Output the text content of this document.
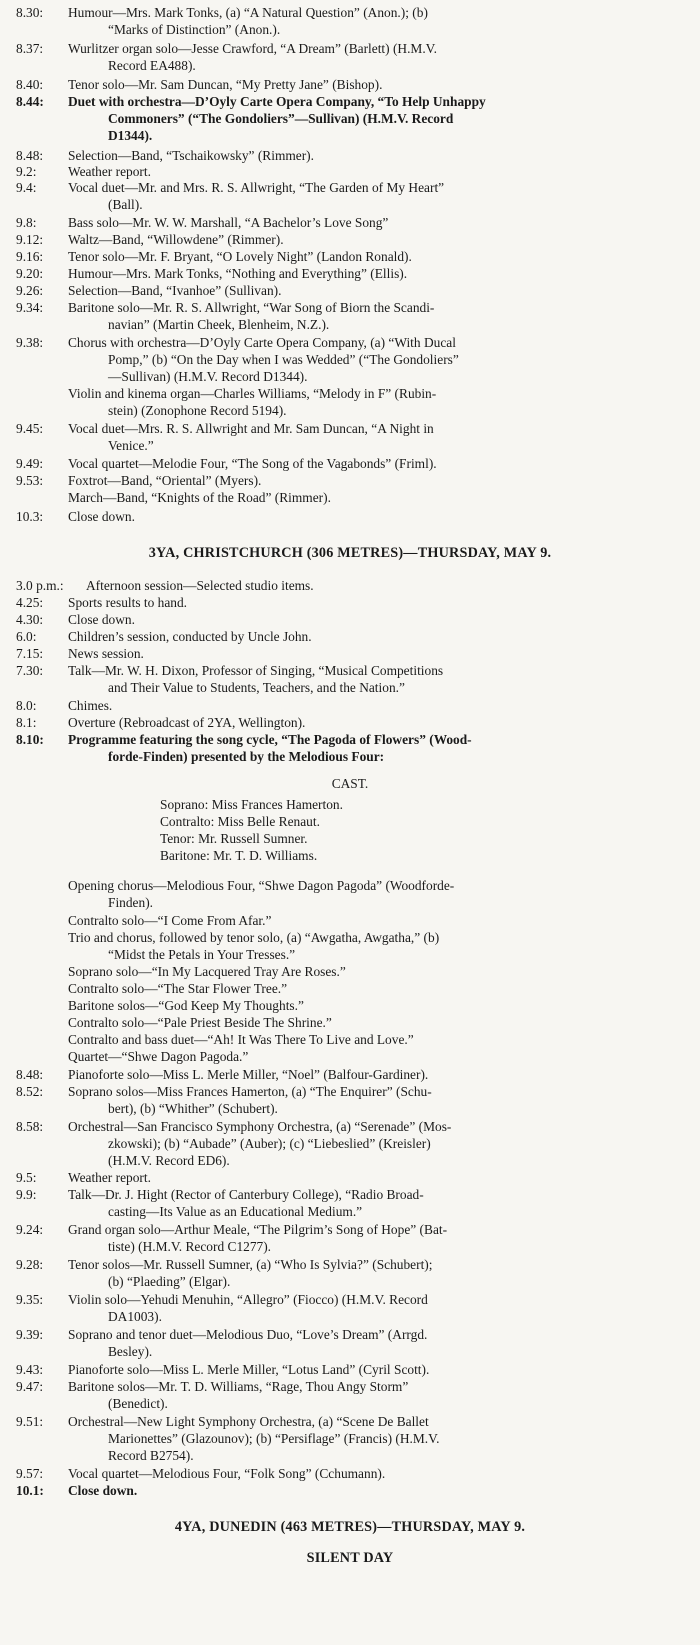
8.30: Humour—Mrs. Mark Tonks, (a) “A Natural Question” (Anon.); (b)
“Marks of Distinction” (Anon.).
8.37: Wurlitzer organ solo—Jesse Crawford, “A Dream” (Barlett) (H.M.V.
Record EA488).
8.40: Tenor solo—Mr. Sam Duncan, “My Pretty Jane” (Bishop).
8.44: Duet with orchestra—D’Oyly Carte Opera Company, “To Help Unhappy
Commoners” (“The Gondoliers”—Sullivan) (H.M.V. Record
D1344).
8.48: Selection—Band, “Tschaikowsky” (Rimmer).
9.2: Weather report.
9.4: Vocal duet—Mr. and Mrs. R. S. Allwright, “The Garden of My Heart”
(Ball).
9.8: Bass solo—Mr. W. W. Marshall, “A Bachelor’s Love Song”
9.12: Waltz—Band, “Willowdene” (Rimmer).
9.16: Tenor solo—Mr. F. Bryant, “O Lovely Night” (Landon Ronald).
9.20: Humour—Mrs. Mark Tonks, “Nothing and Everything” (Ellis).
9.26: Selection—Band, “Ivanhoe” (Sullivan).
9.34: Baritone solo—Mr. R. S. Allwright, “War Song of Biorn the Scandi-
navian” (Martin Cheek, Blenheim, N.Z.).
9.38: Chorus with orchestra—D’Oyly Carte Opera Company, (a) “With Ducal
Pomp,” (b) “On the Day when I was Wedded” (“The Gondoliers”
—Sullivan) (H.M.V. Record D1344).
Violin and kinema organ—Charles Williams, “Melody in F” (Rubin-
stein) (Zonophone Record 5194).
9.45: Vocal duet—Mrs. R. S. Allwright and Mr. Sam Duncan, “A Night in
Venice.”
9.49: Vocal quartet—Melodie Four, “The Song of the Vagabonds” (Friml).
9.53: Foxtrot—Band, “Oriental” (Myers).
March—Band, “Knights of the Road” (Rimmer).
10.3: Close down.
3YA, CHRISTCHURCH (306 METRES)—THURSDAY, MAY 9.
3.0 p.m.: Afternoon session—Selected studio items.
4.25: Sports results to hand.
4.30: Close down.
6.0: Children’s session, conducted by Uncle John.
7.15: News session.
7.30: Talk—Mr. W. H. Dixon, Professor of Singing, “Musical Competitions
and Their Value to Students, Teachers, and the Nation.”
8.0: Chimes.
8.1: Overture (Rebroadcast of 2YA, Wellington).
8.10: Programme featuring the song cycle, “The Pagoda of Flowers” (Wood-
forde-Finden) presented by the Melodious Four:
CAST.
Soprano: Miss Frances Hamerton.
Contralto: Miss Belle Renaut.
Tenor: Mr. Russell Sumner.
Baritone: Mr. T. D. Williams.
Opening chorus—Melodious Four, “Shwe Dagon Pagoda” (Woodforde-
Finden).
Contralto solo—“I Come From Afar.”
Trio and chorus, followed by tenor solo, (a) “Awgatha, Awgatha,” (b)
“Midst the Petals in Your Tresses.”
Soprano solo—“In My Lacquered Tray Are Roses.”
Contralto solo—“The Star Flower Tree.”
Baritone solos—“God Keep My Thoughts.”
Contralto solo—“Pale Priest Beside The Shrine.”
Contralto and bass duet—“Ah! It Was There To Live and Love.”
Quartet—“Shwe Dagon Pagoda.”
8.48: Pianoforte solo—Miss L. Merle Miller, “Noel” (Balfour-Gardiner).
8.52: Soprano solos—Miss Frances Hamerton, (a) “The Enquirer” (Schu-
bert), (b) “Whither” (Schubert).
8.58: Orchestral—San Francisco Symphony Orchestra, (a) “Serenade” (Mos-
zkowski); (b) “Aubade” (Auber); (c) “Liebeslied” (Kreisler)
(H.M.V. Record ED6).
9.5: Weather report.
9.9: Talk—Dr. J. Hight (Rector of Canterbury College), “Radio Broad-
casting—Its Value as an Educational Medium.”
9.24: Grand organ solo—Arthur Meale, “The Pilgrim’s Song of Hope” (Bat-
tiste) (H.M.V. Record C1277).
9.28: Tenor solos—Mr. Russell Sumner, (a) “Who Is Sylvia?” (Schubert);
(b) “Plaeding” (Elgar).
9.35: Violin solo—Yehudi Menuhin, “Allegro” (Fiocco) (H.M.V. Record
DA1003).
9.39: Soprano and tenor duet—Melodious Duo, “Love’s Dream” (Arrgd.
Besley).
9.43: Pianoforte solo—Miss L. Merle Miller, “Lotus Land” (Cyril Scott).
9.47: Baritone solos—Mr. T. D. Williams, “Rage, Thou Angy Storm”
(Benedict).
9.51: Orchestral—New Light Symphony Orchestra, (a) “Scene De Ballet
Marionettes” (Glazounov); (b) “Persiflage” (Francis) (H.M.V.
Record B2754).
9.57: Vocal quartet—Melodious Four, “Folk Song” (Cchumann).
10.1: Close down.
4YA, DUNEDIN (463 METRES)—THURSDAY, MAY 9.
SILENT DAY
